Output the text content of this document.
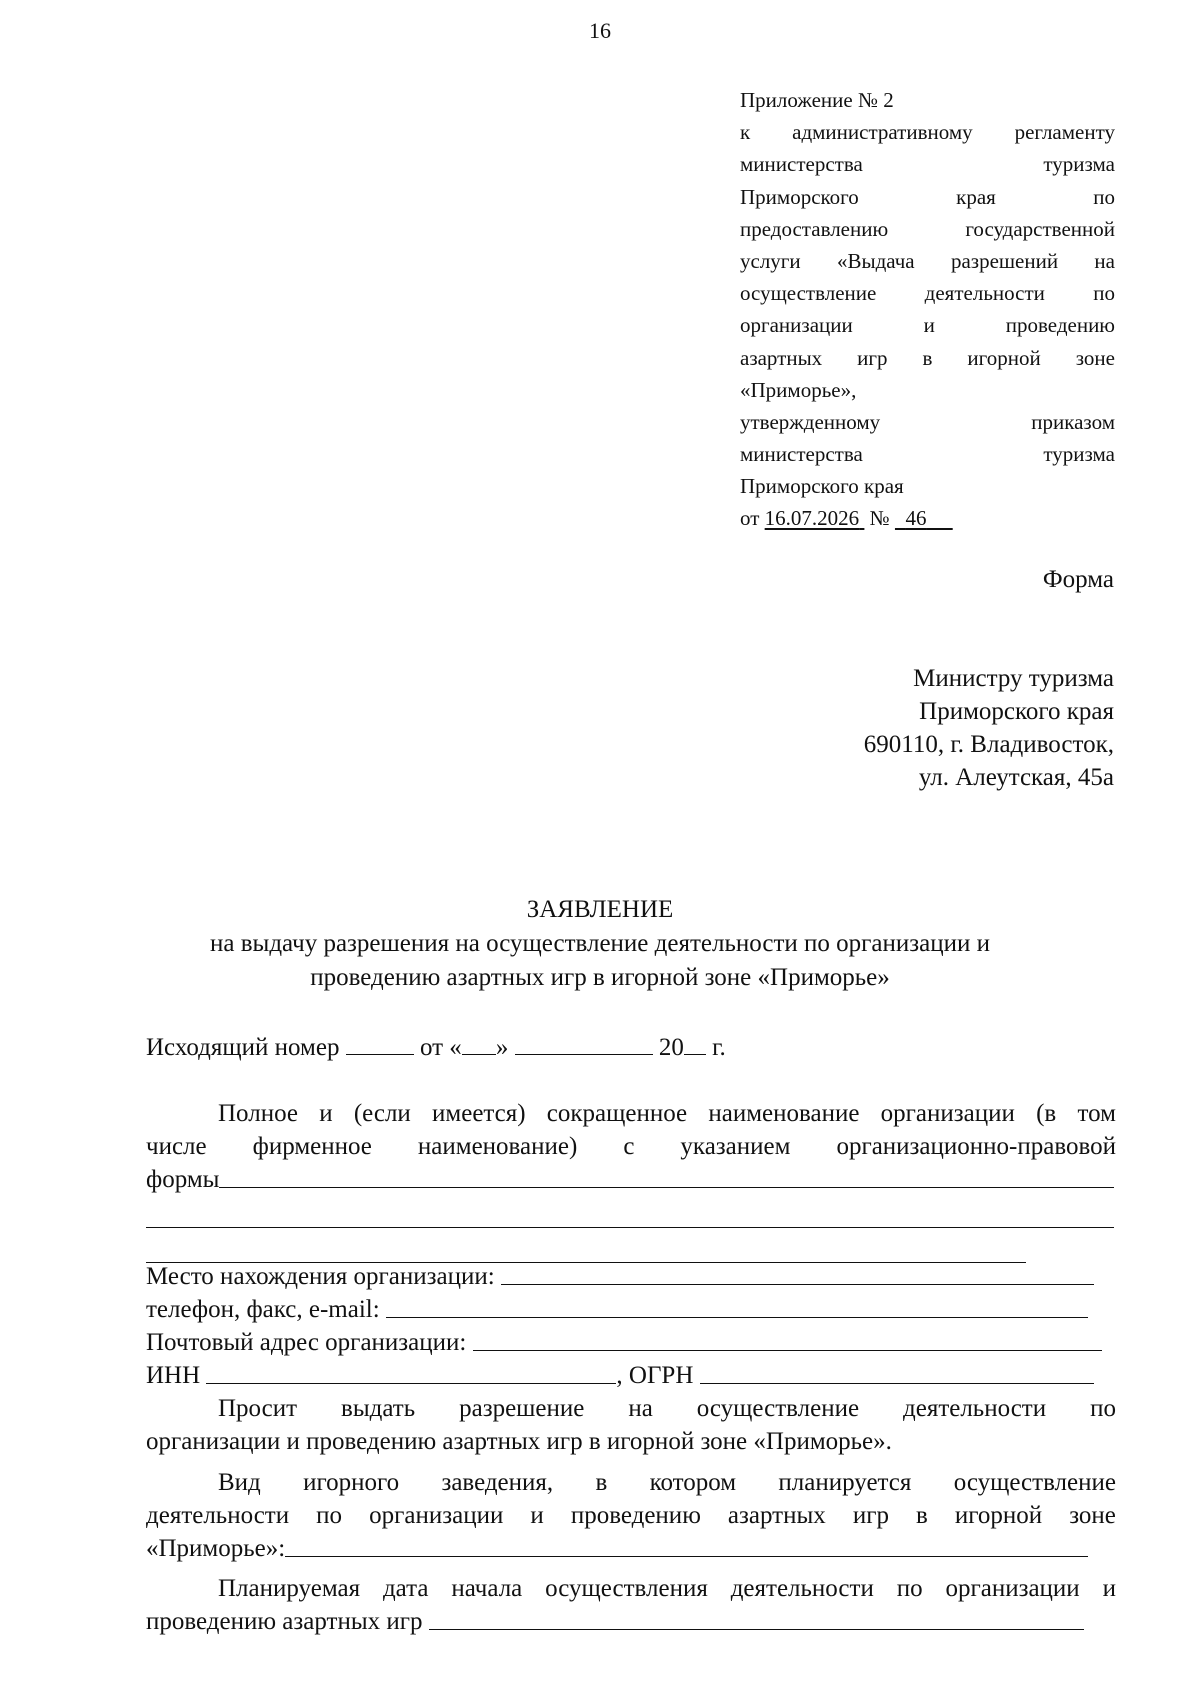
16
Приложение № 2
к административному регламенту
министерства	туризма
Приморского	края	по
предоставлению	государственной
услуги «Выдача разрешений на
осуществление деятельности по
организации	и	проведению
азартных игр в игорной зоне
«Приморье»,
утвержденному	приказом
министерства	туризма
Приморского края
от
16.07.2026

№

46

Форма
Министру туризма
Приморского края
690110, г. Владивосток,
ул. Алеутская, 45а
ЗАЯВЛЕНИЕ
на выдачу разрешения на осуществление деятельности по организации и
проведению азартных игр в игорной зоне «Приморье»
Исходящий номер	от « »	20 г.
Полное и (если имеется) сокращенное наименование организации (в том
числе фирменное наименование) с указанием организационно-правовой
формы
Место нахождения организации:

телефон, факс, e-mail:

Почтовый адрес организации:

ИНН
	, ОГРН

Просит выдать разрешение на осуществление деятельности по
организации и проведению азартных игр в игорной зоне «Приморье».
Вид игорного заведения, в котором планируется осуществление
деятельности по организации и проведению азартных игр в игорной зоне
«Приморье»:
Планируемая дата начала осуществления деятельности по организации и
проведению азартных игр
